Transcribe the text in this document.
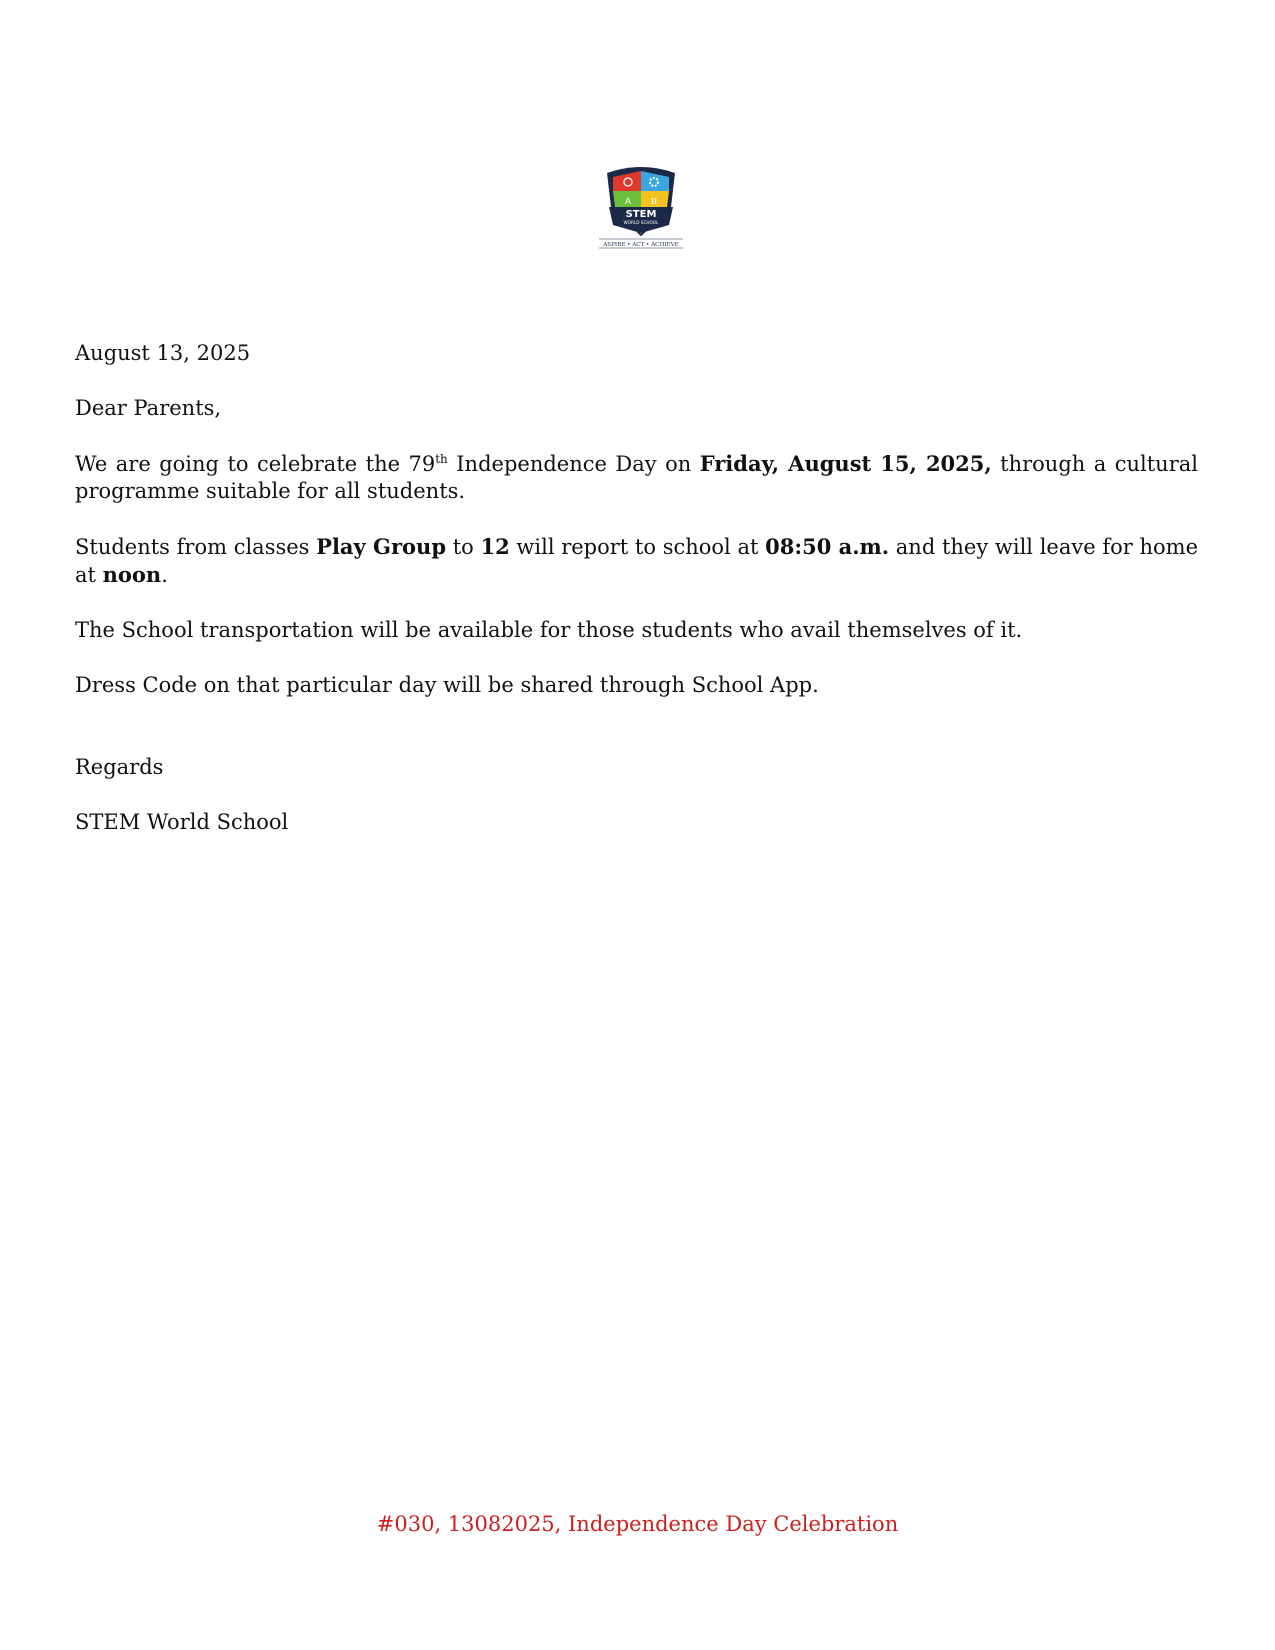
A π
STEM
WORLD SCHOOL
ASPIRE • ACT • ACHIEVE

August 13, 2025

Dear Parents,

We are going to celebrate the 79th Independence Day on Friday, August 15, 2025, through a cultural programme suitable for all students.

Students from classes Play Group to 12 will report to school at 08:50 a.m. and they will leave for home at noon.

The School transportation will be available for those students who avail themselves of it.

Dress Code on that particular day will be shared through School App.

Regards

STEM World School

#030, 13082025, Independence Day Celebration
